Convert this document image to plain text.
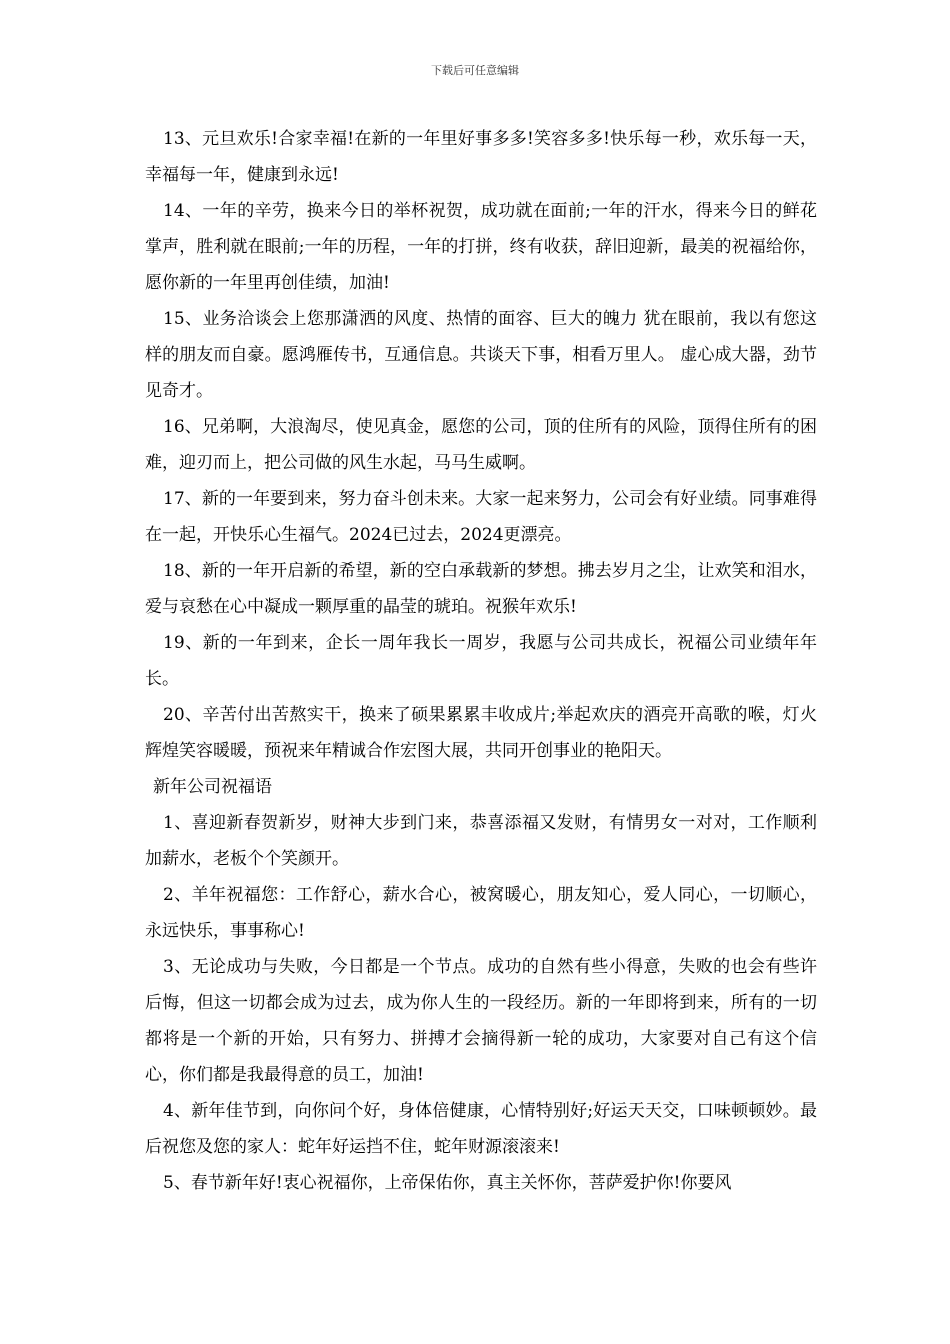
下载后可任意编辑

13、元旦欢乐!合家幸福!在新的一年里好事多多!笑容多多!快乐每一秒，欢乐每一天，幸福每一年，健康到永远!

14、一年的辛劳，换来今日的举杯祝贺，成功就在面前;一年的汗水，得来今日的鲜花掌声，胜利就在眼前;一年的历程，一年的打拼，终有收获，辞旧迎新，最美的祝福给你，愿你新的一年里再创佳绩，加油!

15、业务洽谈会上您那潇洒的风度、热情的面容、巨大的魄力 犹在眼前，我以有您这样的朋友而自豪。愿鸿雁传书，互通信息。共谈天下事，相看万里人。 虚心成大器，劲节见奇才。

16、兄弟啊，大浪淘尽，使见真金，愿您的公司，顶的住所有的风险，顶得住所有的困难，迎刃而上，把公司做的风生水起，马马生威啊。

17、新的一年要到来，努力奋斗创未来。大家一起来努力，公司会有好业绩。同事难得在一起，开快乐心生福气。2024已过去，2024更漂亮。

18、新的一年开启新的希望，新的空白承载新的梦想。拂去岁月之尘，让欢笑和泪水，爱与哀愁在心中凝成一颗厚重的晶莹的琥珀。祝猴年欢乐!

19、新的一年到来，企长一周年我长一周岁，我愿与公司共成长，祝福公司业绩年年长。

20、辛苦付出苦熬实干，换来了硕果累累丰收成片;举起欢庆的酒亮开高歌的喉，灯火辉煌笑容暖暖，预祝来年精诚合作宏图大展，共同开创事业的艳阳天。

新年公司祝福语

1、喜迎新春贺新岁，财神大步到门来，恭喜添福又发财，有情男女一对对，工作顺利加薪水，老板个个笑颜开。

2、羊年祝福您：工作舒心，薪水合心，被窝暖心，朋友知心，爱人同心，一切顺心，永远快乐，事事称心!

3、无论成功与失败，今日都是一个节点。成功的自然有些小得意，失败的也会有些许后悔，但这一切都会成为过去，成为你人生的一段经历。新的一年即将到来，所有的一切都将是一个新的开始，只有努力、拼搏才会摘得新一轮的成功，大家要对自己有这个信心，你们都是我最得意的员工，加油!

4、新年佳节到，向你问个好，身体倍健康，心情特别好;好运天天交，口味顿顿妙。最后祝您及您的家人：蛇年好运挡不住，蛇年财源滚滚来!

5、春节新年好!衷心祝福你，上帝保佑你，真主关怀你，菩萨爱护你!你要风
